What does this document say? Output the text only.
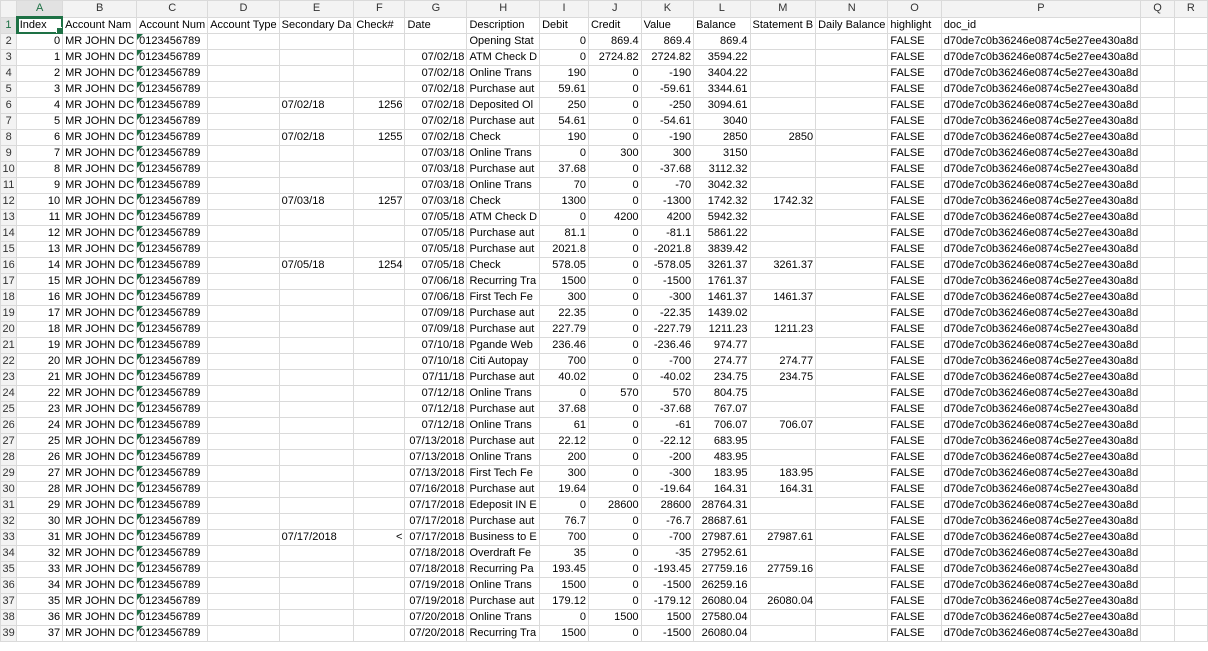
	A	B	C	D	E	F	G	H	I	J	K	L	M	N	O	P	Q	R
1	Index	Account Nam	Account Num	Account Type	Secondary Da	Check#	Date	Description	Debit	Credit	Value	Balance	Statement B	Daily Balance	highlight	doc_id		
2	0	MR JOHN DC	0123456789					Opening Stat	0	869.4	869.4	869.4			FALSE	d70de7c0b36246e0874c5e27ee430a8d		
3	1	MR JOHN DC	0123456789				07/02/18	ATM Check D	0	2724.82	2724.82	3594.22			FALSE	d70de7c0b36246e0874c5e27ee430a8d		
4	2	MR JOHN DC	0123456789				07/02/18	Online Trans	190	0	-190	3404.22			FALSE	d70de7c0b36246e0874c5e27ee430a8d		
5	3	MR JOHN DC	0123456789				07/02/18	Purchase aut	59.61	0	-59.61	3344.61			FALSE	d70de7c0b36246e0874c5e27ee430a8d		
6	4	MR JOHN DC	0123456789		07/02/18	1256	07/02/18	Deposited Ol	250	0	-250	3094.61			FALSE	d70de7c0b36246e0874c5e27ee430a8d		
7	5	MR JOHN DC	0123456789				07/02/18	Purchase aut	54.61	0	-54.61	3040			FALSE	d70de7c0b36246e0874c5e27ee430a8d		
8	6	MR JOHN DC	0123456789		07/02/18	1255	07/02/18	Check	190	0	-190	2850	2850		FALSE	d70de7c0b36246e0874c5e27ee430a8d		
9	7	MR JOHN DC	0123456789				07/03/18	Online Trans	0	300	300	3150			FALSE	d70de7c0b36246e0874c5e27ee430a8d		
10	8	MR JOHN DC	0123456789				07/03/18	Purchase aut	37.68	0	-37.68	3112.32			FALSE	d70de7c0b36246e0874c5e27ee430a8d		
11	9	MR JOHN DC	0123456789				07/03/18	Online Trans	70	0	-70	3042.32			FALSE	d70de7c0b36246e0874c5e27ee430a8d		
12	10	MR JOHN DC	0123456789		07/03/18	1257	07/03/18	Check	1300	0	-1300	1742.32	1742.32		FALSE	d70de7c0b36246e0874c5e27ee430a8d		
13	11	MR JOHN DC	0123456789				07/05/18	ATM Check D	0	4200	4200	5942.32			FALSE	d70de7c0b36246e0874c5e27ee430a8d		
14	12	MR JOHN DC	0123456789				07/05/18	Purchase aut	81.1	0	-81.1	5861.22			FALSE	d70de7c0b36246e0874c5e27ee430a8d		
15	13	MR JOHN DC	0123456789				07/05/18	Purchase aut	2021.8	0	-2021.8	3839.42			FALSE	d70de7c0b36246e0874c5e27ee430a8d		
16	14	MR JOHN DC	0123456789		07/05/18	1254	07/05/18	Check	578.05	0	-578.05	3261.37	3261.37		FALSE	d70de7c0b36246e0874c5e27ee430a8d		
17	15	MR JOHN DC	0123456789				07/06/18	Recurring Tra	1500	0	-1500	1761.37			FALSE	d70de7c0b36246e0874c5e27ee430a8d		
18	16	MR JOHN DC	0123456789				07/06/18	First Tech Fe	300	0	-300	1461.37	1461.37		FALSE	d70de7c0b36246e0874c5e27ee430a8d		
19	17	MR JOHN DC	0123456789				07/09/18	Purchase aut	22.35	0	-22.35	1439.02			FALSE	d70de7c0b36246e0874c5e27ee430a8d		
20	18	MR JOHN DC	0123456789				07/09/18	Purchase aut	227.79	0	-227.79	1211.23	1211.23		FALSE	d70de7c0b36246e0874c5e27ee430a8d		
21	19	MR JOHN DC	0123456789				07/10/18	Pgande Web	236.46	0	-236.46	974.77			FALSE	d70de7c0b36246e0874c5e27ee430a8d		
22	20	MR JOHN DC	0123456789				07/10/18	Citi Autopay	700	0	-700	274.77	274.77		FALSE	d70de7c0b36246e0874c5e27ee430a8d		
23	21	MR JOHN DC	0123456789				07/11/18	Purchase aut	40.02	0	-40.02	234.75	234.75		FALSE	d70de7c0b36246e0874c5e27ee430a8d		
24	22	MR JOHN DC	0123456789				07/12/18	Online Trans	0	570	570	804.75			FALSE	d70de7c0b36246e0874c5e27ee430a8d		
25	23	MR JOHN DC	0123456789				07/12/18	Purchase aut	37.68	0	-37.68	767.07			FALSE	d70de7c0b36246e0874c5e27ee430a8d		
26	24	MR JOHN DC	0123456789				07/12/18	Online Trans	61	0	-61	706.07	706.07		FALSE	d70de7c0b36246e0874c5e27ee430a8d		
27	25	MR JOHN DC	0123456789				07/13/2018	Purchase aut	22.12	0	-22.12	683.95			FALSE	d70de7c0b36246e0874c5e27ee430a8d		
28	26	MR JOHN DC	0123456789				07/13/2018	Online Trans	200	0	-200	483.95			FALSE	d70de7c0b36246e0874c5e27ee430a8d		
29	27	MR JOHN DC	0123456789				07/13/2018	First Tech Fe	300	0	-300	183.95	183.95		FALSE	d70de7c0b36246e0874c5e27ee430a8d		
30	28	MR JOHN DC	0123456789				07/16/2018	Purchase aut	19.64	0	-19.64	164.31	164.31		FALSE	d70de7c0b36246e0874c5e27ee430a8d		
31	29	MR JOHN DC	0123456789				07/17/2018	Edeposit IN E	0	28600	28600	28764.31			FALSE	d70de7c0b36246e0874c5e27ee430a8d		
32	30	MR JOHN DC	0123456789				07/17/2018	Purchase aut	76.7	0	-76.7	28687.61			FALSE	d70de7c0b36246e0874c5e27ee430a8d		
33	31	MR JOHN DC	0123456789		07/17/2018	<	07/17/2018	Business to E	700	0	-700	27987.61	27987.61		FALSE	d70de7c0b36246e0874c5e27ee430a8d		
34	32	MR JOHN DC	0123456789				07/18/2018	Overdraft Fe	35	0	-35	27952.61			FALSE	d70de7c0b36246e0874c5e27ee430a8d		
35	33	MR JOHN DC	0123456789				07/18/2018	Recurring Pa	193.45	0	-193.45	27759.16	27759.16		FALSE	d70de7c0b36246e0874c5e27ee430a8d		
36	34	MR JOHN DC	0123456789				07/19/2018	Online Trans	1500	0	-1500	26259.16			FALSE	d70de7c0b36246e0874c5e27ee430a8d		
37	35	MR JOHN DC	0123456789				07/19/2018	Purchase aut	179.12	0	-179.12	26080.04	26080.04		FALSE	d70de7c0b36246e0874c5e27ee430a8d		
38	36	MR JOHN DC	0123456789				07/20/2018	Online Trans	0	1500	1500	27580.04			FALSE	d70de7c0b36246e0874c5e27ee430a8d		
39	37	MR JOHN DC	0123456789				07/20/2018	Recurring Tra	1500	0	-1500	26080.04			FALSE	d70de7c0b36246e0874c5e27ee430a8d		
